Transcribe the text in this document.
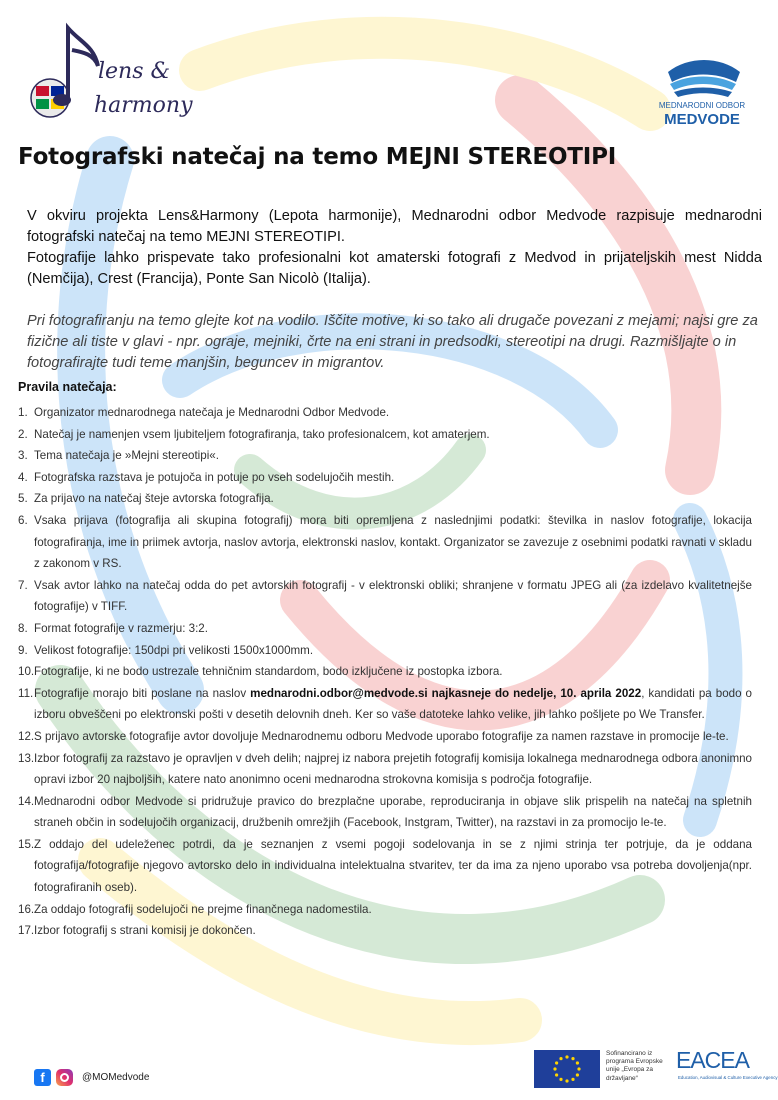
lens &
harmony	MEDNARODNI ODBOR
MEDVODE
Fotografski natečaj na temo MEJNI STEREOTIPI

V okviru projekta Lens&Harmony (Lepota harmonije), Mednarodni odbor Medvode razpisuje mednarodni fotografski natečaj na temo MEJNI STEREOTIPI.

Fotografije lahko prispevate tako profesionalni kot amaterski fotografi z Medvod in prijateljskih mest Nidda (Nemčija), Crest (Francija), Ponte San Nicolò (Italija).

Pri fotografiranju na temo glejte kot na vodilo. Iščite motive, ki so tako ali drugače povezani z mejami; najsi gre za fizične ali tiste v glavi - npr. ograje, mejniki, črte na eni strani in predsodki, stereotipi na drugi. Razmišljajte o in fotografirajte tudi teme manjšin, beguncev in migrantov.

Pravila natečaja:

1. Organizator mednarodnega natečaja je Mednarodni Odbor Medvode.
2. Natečaj je namenjen vsem ljubiteljem fotografiranja, tako profesionalcem, kot amaterjem.
3. Tema natečaja je »Mejni stereotipi«.
4. Fotografska razstava je potujoča in potuje po vseh sodelujočih mestih.
5. Za prijavo na natečaj šteje avtorska fotografija.
6. Vsaka prijava (fotografija ali skupina fotografij) mora biti opremljena z naslednjimi podatki: številka in naslov fotografije, lokacija fotografiranja, ime in priimek avtorja, naslov avtorja, elektronski naslov, kontakt. Organizator se zavezuje z osebnimi podatki ravnati v skladu z zakonom v RS.
7. Vsak avtor lahko na natečaj odda do pet avtorskih fotografij - v elektronski obliki; shranjene v formatu JPEG ali (za izdelavo kvalitetnejše fotografije) v TIFF.
8. Format fotografije v razmerju: 3:2.
9. Velikost fotografije: 150dpi pri velikosti 1500x1000mm.
10. Fotografije, ki ne bodo ustrezale tehničnim standardom, bodo izključene iz postopka izbora.
11. Fotografije morajo biti poslane na naslov mednarodni.odbor@medvode.si najkasneje do nedelje, 10. aprila 2022, kandidati pa bodo o izboru obveščeni po elektronski pošti v desetih delovnih dneh. Ker so vaše datoteke lahko velike, jih lahko pošljete po We Transfer.
12. S prijavo avtorske fotografije avtor dovoljuje Mednarodnemu odboru Medvode uporabo fotografije za namen razstave in promocije le-te.
13. Izbor fotografij za razstavo je opravljen v dveh delih; najprej iz nabora prejetih fotografij komisija lokalnega mednarodnega odbora anonimno opravi izbor 20 najboljših, katere nato anonimno oceni mednarodna strokovna komisija s področja fotografije.
14. Mednarodni odbor Medvode si pridružuje pravico do brezplačne uporabe, reproduciranja in objave slik prispelih na natečaj na spletnih straneh občin in sodelujočih organizacij, družbenih omrežjih (Facebook, Instgram, Twitter), na razstavi in za promocijo le-te.
15. Z oddajo del udeleženec potrdi, da je seznanjen z vsemi pogoji sodelovanja in se z njimi strinja ter potrjuje, da je oddana fotografija/fotografije njegovo avtorsko delo in individualna intelektualna stvaritev, ter da ima za njeno uporabo vsa potreba dovoljenja(npr. fotografiranih oseb).
16. Za oddajo fotografij sodelujoči ne prejme finančnega nadomestila.
17. Izbor fotografij s strani komisij je dokončen.
f	@MOMedvode
Sofinancirano iz programa Evropske unije „Evropa za državljane“
EACEA
Education, Audiovisual & Culture Executive Agency
